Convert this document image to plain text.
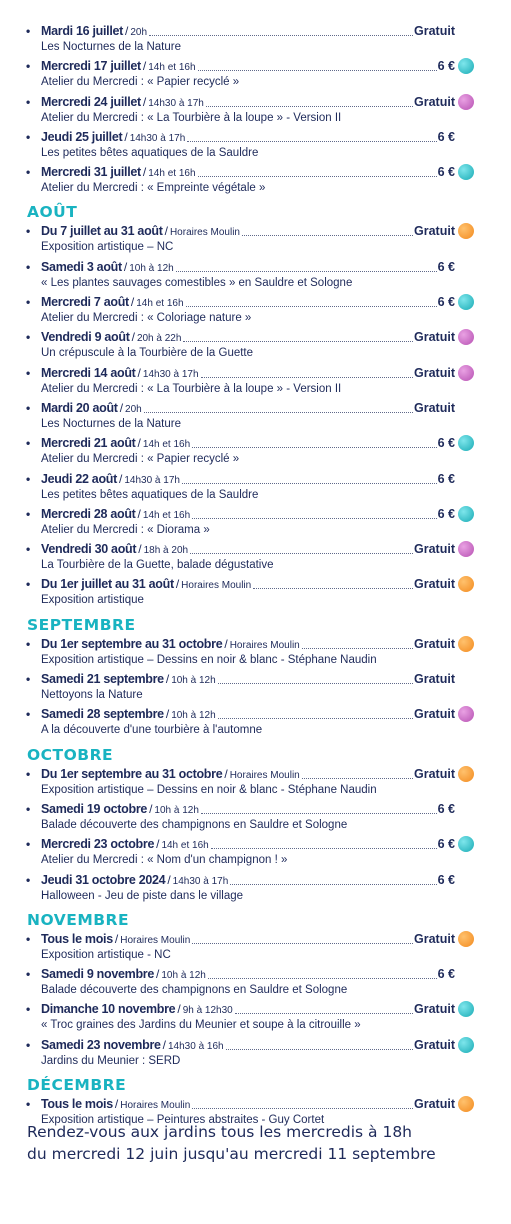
• Mardi 16 juillet / 20h	Gratuit
Les Nocturnes de la Nature
• Mercredi 17 juillet / 14h et 16h	6 €
Atelier du Mercredi : « Papier recyclé »
• Mercredi 24 juillet / 14h30 à 17h	Gratuit
Atelier du Mercredi : « La Tourbière à la loupe » - Version II
• Jeudi 25 juillet / 14h30 à 17h	6 €
Les petites bêtes aquatiques de la Sauldre
• Mercredi 31 juillet / 14h et 16h	6 €
Atelier du Mercredi : « Empreinte végétale »
AOÛT
• Du 7 juillet au 31 août / Horaires Moulin	Gratuit
Exposition artistique – NC
• Samedi 3 août / 10h à 12h	6 €
« Les plantes sauvages comestibles » en Sauldre et Sologne
• Mercredi 7 août / 14h et 16h	6 €
Atelier du Mercredi : « Coloriage nature »
• Vendredi 9 août / 20h à 22h	Gratuit
Un crépuscule à la Tourbière de la Guette
• Mercredi 14 août / 14h30 à 17h	Gratuit
Atelier du Mercredi : « La Tourbière à la loupe » - Version II
• Mardi 20 août / 20h	Gratuit
Les Nocturnes de la Nature
• Mercredi 21 août / 14h et 16h	6 €
Atelier du Mercredi : « Papier recyclé »
• Jeudi 22 août / 14h30 à 17h	6 €
Les petites bêtes aquatiques de la Sauldre
• Mercredi 28 août / 14h et 16h	6 €
Atelier du Mercredi : « Diorama »
• Vendredi 30 août / 18h à 20h	Gratuit
La Tourbière de la Guette, balade dégustative
• Du 1er juillet au 31 août / Horaires Moulin	Gratuit
Exposition artistique
SEPTEMBRE
• Du 1er septembre au 31 octobre / Horaires Moulin	Gratuit
Exposition artistique – Dessins en noir & blanc - Stéphane Naudin
• Samedi 21 septembre / 10h à 12h	Gratuit
Nettoyons la Nature
• Samedi 28 septembre / 10h à 12h	Gratuit
A la découverte d'une tourbière à l'automne
OCTOBRE
• Du 1er septembre au 31 octobre / Horaires Moulin	Gratuit
Exposition artistique – Dessins en noir & blanc - Stéphane Naudin
• Samedi 19 octobre / 10h à 12h	6 €
Balade découverte des champignons en Sauldre et Sologne
• Mercredi 23 octobre / 14h et 16h	6 €
Atelier du Mercredi : « Nom d'un champignon ! »
• Jeudi 31 octobre 2024 / 14h30 à 17h	6 €
Halloween - Jeu de piste dans le village
NOVEMBRE
• Tous le mois / Horaires Moulin	Gratuit
Exposition artistique - NC
• Samedi 9 novembre / 10h à 12h	6 €
Balade découverte des champignons en Sauldre et Sologne
• Dimanche 10 novembre / 9h à 12h30	Gratuit
« Troc graines des Jardins du Meunier et soupe à la citrouille »
• Samedi 23 novembre / 14h30 à 16h	Gratuit
Jardins du Meunier : SERD
DÉCEMBRE
• Tous le mois / Horaires Moulin	Gratuit
Exposition artistique – Peintures abstraites - Guy Cortet
Rendez-vous aux jardins tous les mercredis à 18h
du mercredi 12 juin jusqu'au mercredi 11 septembre
